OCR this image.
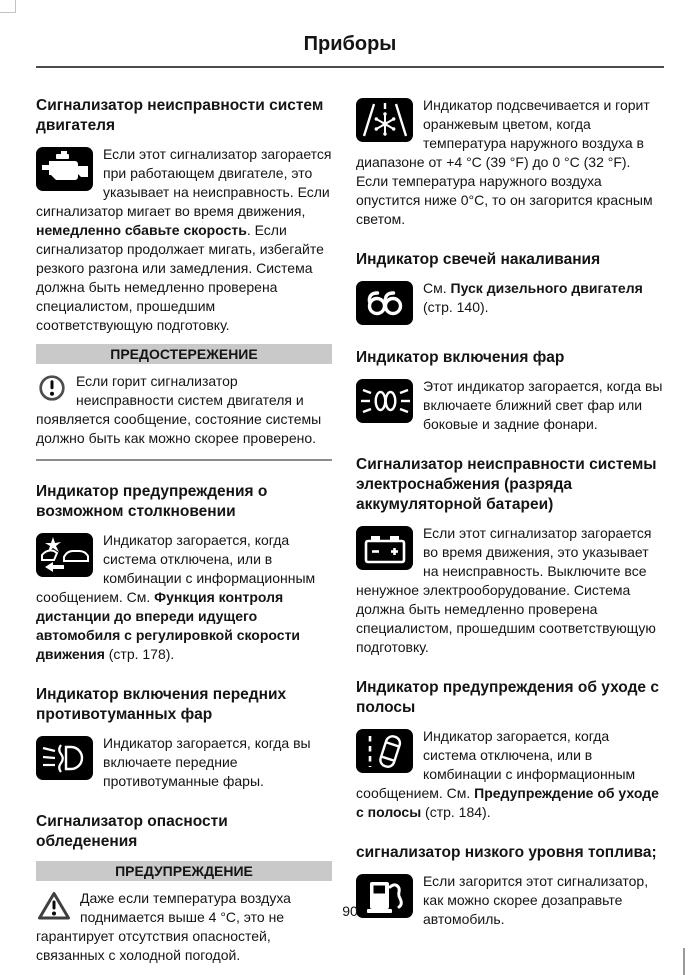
Приборы
Сигнализатор неисправности систем двигателя
Если этот сигнализатор загорается при работающем двигателе, это указывает на неисправность. Если сигнализатор мигает во время движения, немедленно сбавьте скорость. Если сигнализатор продолжает мигать, избегайте резкого разгона или замедления. Система должна быть немедленно проверена специалистом, прошедшим соответствующую подготовку.
ПРЕДОСТЕРЕЖЕНИЕ
Если горит сигнализатор неисправности систем двигателя и появляется сообщение, состояние системы должно быть как можно скорее проверено.
Индикатор предупреждения о возможном столкновении
Индикатор загорается, когда система отключена, или в комбинации с информационным сообщением. См. Функция контроля дистанции до впереди идущего автомобиля с регулировкой скорости движения (стр. 178).
Индикатор включения передних противотуманных фар
Индикатор загорается, когда вы включаете передние противотуманные фары.
Сигнализатор опасности обледенения
ПРЕДУПРЕЖДЕНИЕ
Даже если температура воздуха поднимается выше 4 °C, это не гарантирует отсутствия опасностей, связанных с холодной погодой.
Индикатор подсвечивается и горит оранжевым цветом, когда температура наружного воздуха в диапазоне от +4 °C (39 °F) до 0 °C (32 °F). Если температура наружного воздуха опустится ниже 0°C, то он загорится красным светом.
Индикатор свечей накаливания
См. Пуск дизельного двигателя (стр. 140).
Индикатор включения фар
Этот индикатор загорается, когда вы включаете ближний свет фар или боковые и задние фонари.
Сигнализатор неисправности системы электроснабжения (разряда аккумуляторной батареи)
Если этот сигнализатор загорается во время движения, это указывает на неисправность. Выключите все ненужное электрооборудование. Система должна быть немедленно проверена специалистом, прошедшим соответствующую подготовку.
Индикатор предупреждения об уходе с полосы
Индикатор загорается, когда система отключена, или в комбинации с информационным сообщением. См. Предупреждение об уходе с полосы (стр. 184).
сигнализатор низкого уровня топлива;
Если загорится этот сигнализатор, как можно скорее дозаправьте автомобиль.
90
